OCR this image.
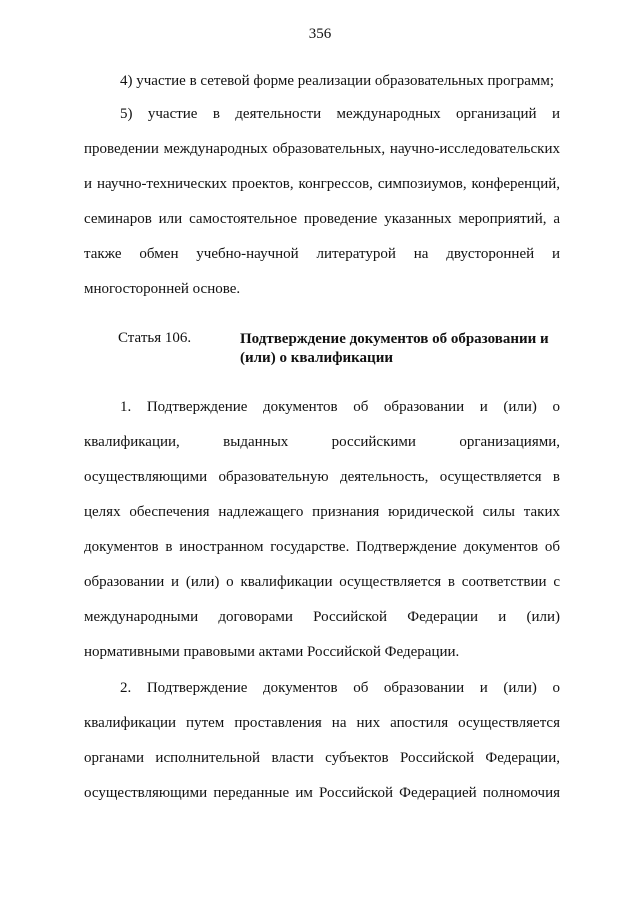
356
4) участие в сетевой форме реализации образовательных программ;
5) участие в деятельности международных организаций и
проведении международных образовательных, научно-исследовательских
и научно-технических проектов, конгрессов, симпозиумов, конференций,
семинаров или самостоятельное проведение указанных мероприятий, а
также обмен учебно-научной литературой на двусторонней и
многосторонней основе.
Статья 106.	Подтверждение документов об образовании и
(или) о квалификации
1. Подтверждение документов об образовании и (или) о
квалификации, выданных российскими организациями,
осуществляющими образовательную деятельность, осуществляется в
целях обеспечения надлежащего признания юридической силы таких
документов в иностранном государстве. Подтверждение документов об
образовании и (или) о квалификации осуществляется в соответствии с
международными договорами Российской Федерации и (или)
нормативными правовыми актами Российской Федерации.
2. Подтверждение документов об образовании и (или) о
квалификации путем проставления на них апостиля осуществляется
органами исполнительной власти субъектов Российской Федерации,
осуществляющими переданные им Российской Федерацией полномочия
